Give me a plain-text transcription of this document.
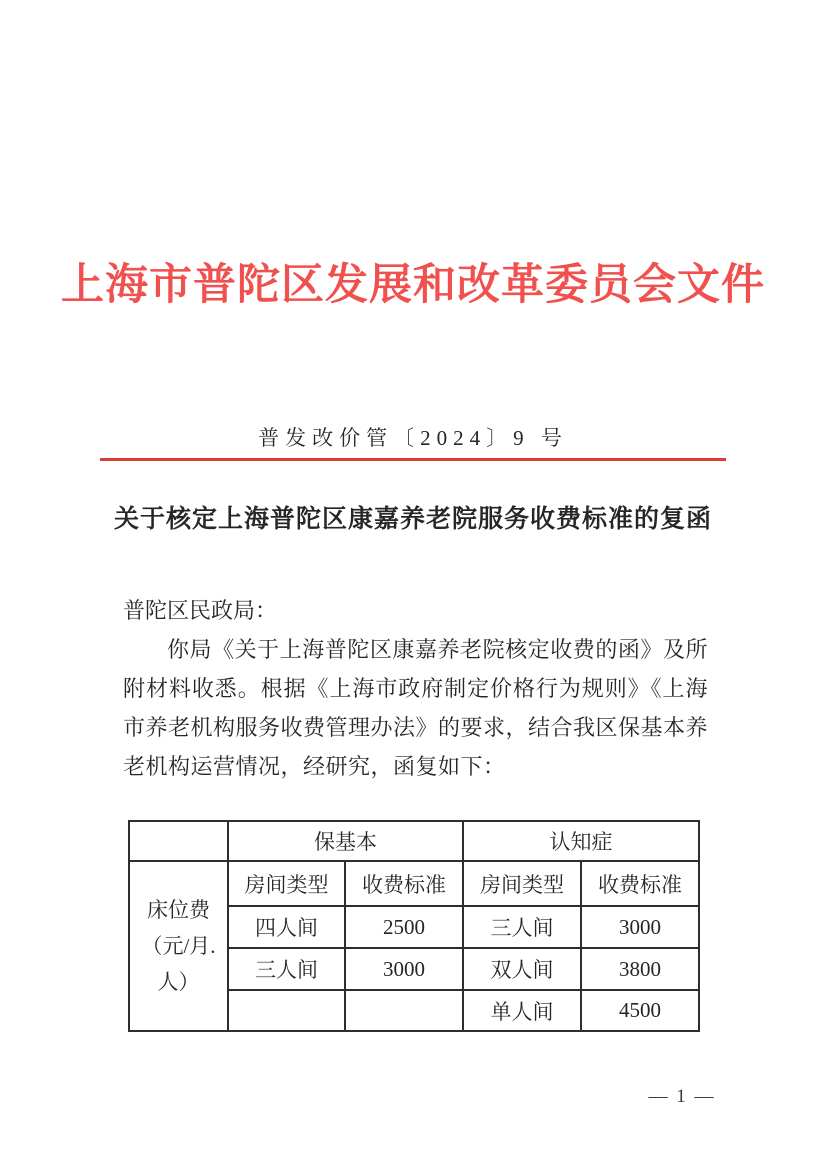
上海市普陀区发展和改革委员会文件
普发改价管〔2024〕9 号
关于核定上海普陀区康嘉养老院服务收费标准的复函
普陀区民政局：
你局《关于上海普陀区康嘉养老院核定收费的函》及所附材料收悉。根据《上海市政府制定价格行为规则》《上海市养老机构服务收费管理办法》的要求，结合我区保基本养老机构运营情况，经研究，函复如下：
	保基本		认知症	

床位费
（元/月.
人）	房间类型	收费标准	房间类型	收费标准
	四人间	2500	三人间	3000
	三人间	3000	双人间	3800
			单人间	4500
— 1 —
